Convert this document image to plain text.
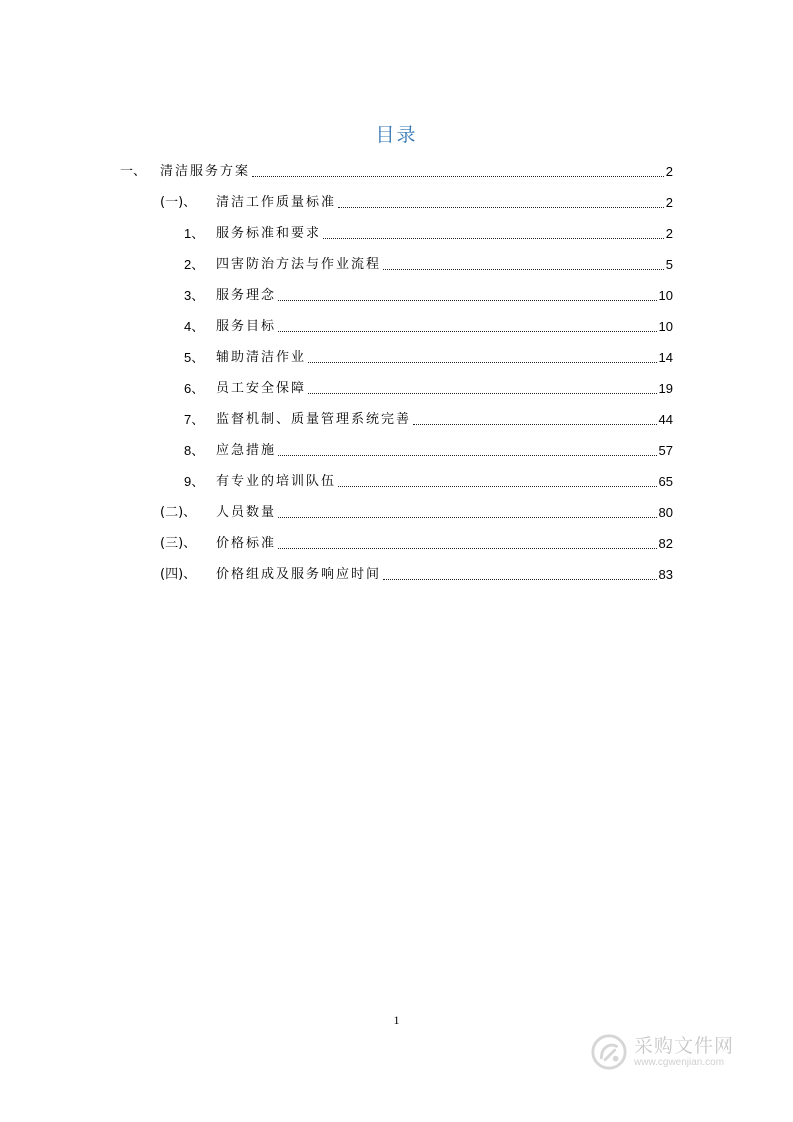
目录
一、	清洁服务方案	2
(一)、	清洁工作质量标准	2
1、 服务标准和要求	2
2、 四害防治方法与作业流程	5
3、 服务理念	10
4、 服务目标	10
5、 辅助清洁作业	14
6、 员工安全保障	19
7、 监督机制、质量管理系统完善	44
8、 应急措施	57
9、 有专业的培训队伍	65
(二)、	人员数量	80
(三)、	价格标准	82
(四)、	价格组成及服务响应时间	83
1
采购文件网
www.cgwenjian.com
